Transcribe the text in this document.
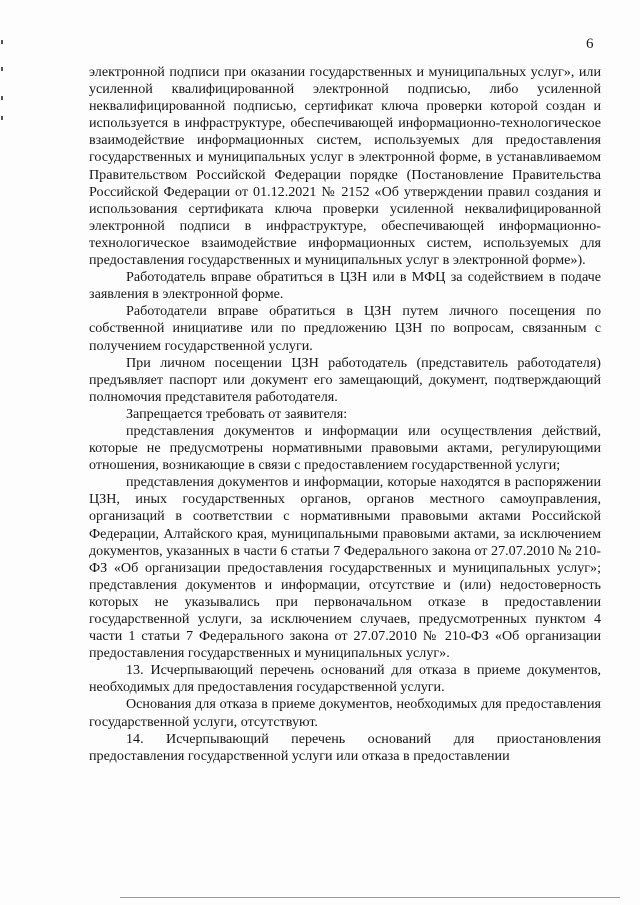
6

электронной подписи при оказании государственных и муниципальных услуг», или усиленной квалифицированной электронной подписью, либо усиленной неквалифицированной подписью, сертификат ключа проверки которой создан и используется в инфраструктуре, обеспечивающей информационно-технологическое взаимодействие информационных систем, используемых для предоставления государственных и муниципальных услуг в электронной форме, в устанавливаемом Правительством Российской Федерации порядке (Постановление Правительства Российской Федерации от 01.12.2021 № 2152 «Об утверждении правил создания и использования сертификата ключа проверки усиленной неквалифицированной электронной подписи в инфраструктуре, обеспечивающей информационно-технологическое взаимодействие информационных систем, используемых для предоставления государственных и муниципальных услуг в электронной форме»).

Работодатель вправе обратиться в ЦЗН или в МФЦ за содействием в подаче заявления в электронной форме.

Работодатели вправе обратиться в ЦЗН путем личного посещения по собственной инициативе или по предложению ЦЗН по вопросам, связанным с получением государственной услуги.

При личном посещении ЦЗН работодатель (представитель работодателя) предъявляет паспорт или документ его замещающий, документ, подтверждающий полномочия представителя работодателя.

Запрещается требовать от заявителя:

представления документов и информации или осуществления действий, которые не предусмотрены нормативными правовыми актами, регулирующими отношения, возникающие в связи с предоставлением государственной услуги;

представления документов и информации, которые находятся в распоряжении ЦЗН, иных государственных органов, органов местного самоуправления, организаций в соответствии с нормативными правовыми актами Российской Федерации, Алтайского края, муниципальными правовыми актами, за исключением документов, указанных в части 6 статьи 7 Федерального закона от 27.07.2010 № 210-ФЗ «Об организации предоставления государственных и муниципальных услуг»; представления документов и информации, отсутствие и (или) недостоверность которых не указывались при первоначальном отказе в предоставлении государственной услуги, за исключением случаев, предусмотренных пунктом 4 части 1 статьи 7 Федерального закона от 27.07.2010 № 210-ФЗ «Об организации предоставления государственных и муниципальных услуг».

13. Исчерпывающий перечень оснований для отказа в приеме документов, необходимых для предоставления государственной услуги.

Основания для отказа в приеме документов, необходимых для предоставления государственной услуги, отсутствуют.

14. Исчерпывающий перечень оснований для приостановления предоставления государственной услуги или отказа в предоставлении
